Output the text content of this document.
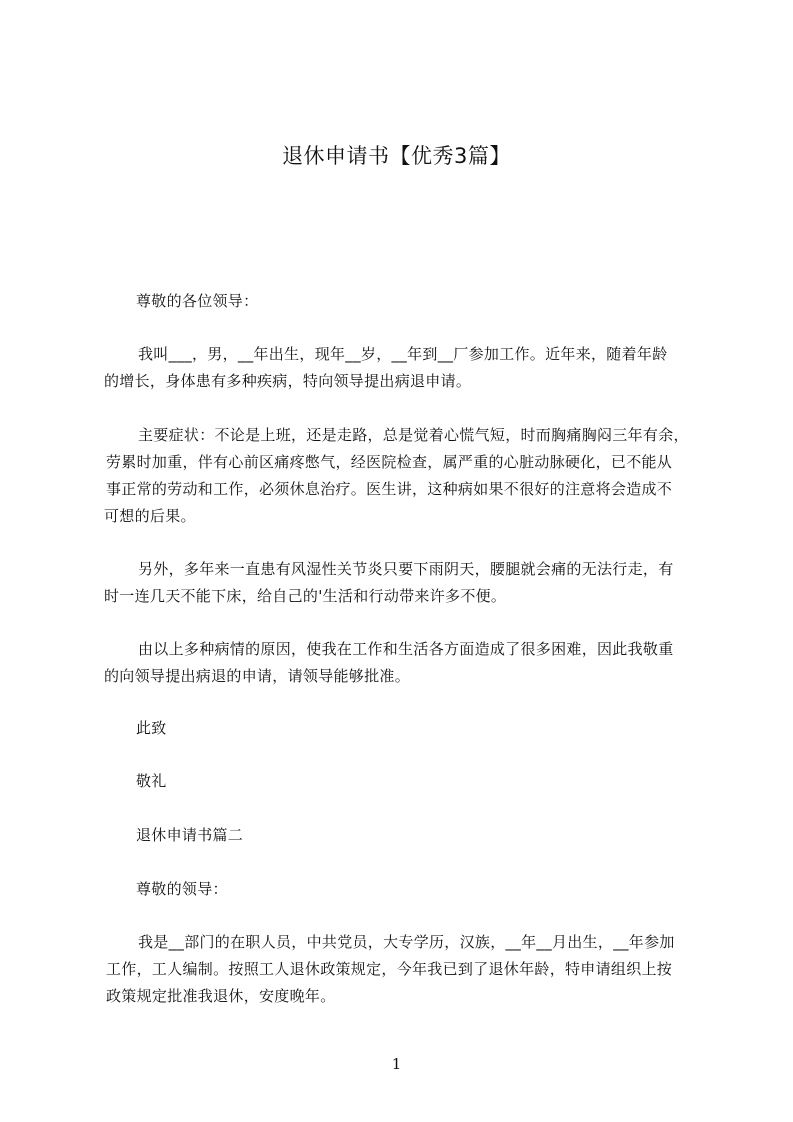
退休申请书【优秀3篇】
尊敬的各位领导：
我叫___，男，__年出生，现年__岁，__年到__厂参加工作。近年来，随着年龄
的增长，身体患有多种疾病，特向领导提出病退申请。
主要症状：不论是上班，还是走路，总是觉着心慌气短，时而胸痛胸闷三年有余，
劳累时加重，伴有心前区痛疼憋气，经医院检查，属严重的心脏动脉硬化，已不能从
事正常的劳动和工作，必须休息治疗。医生讲，这种病如果不很好的注意将会造成不
可想的后果。
另外，多年来一直患有风湿性关节炎只要下雨阴天，腰腿就会痛的无法行走，有
时一连几天不能下床，给自己的'生活和行动带来许多不便。
由以上多种病情的原因，使我在工作和生活各方面造成了很多困难，因此我敬重
的向领导提出病退的申请，请领导能够批准。
此致
敬礼
退休申请书篇二
尊敬的领导：
我是__部门的在职人员，中共党员，大专学历，汉族，__年__月出生，__年参加
工作，工人编制。按照工人退休政策规定，今年我已到了退休年龄，特申请组织上按
政策规定批准我退休，安度晚年。
1
